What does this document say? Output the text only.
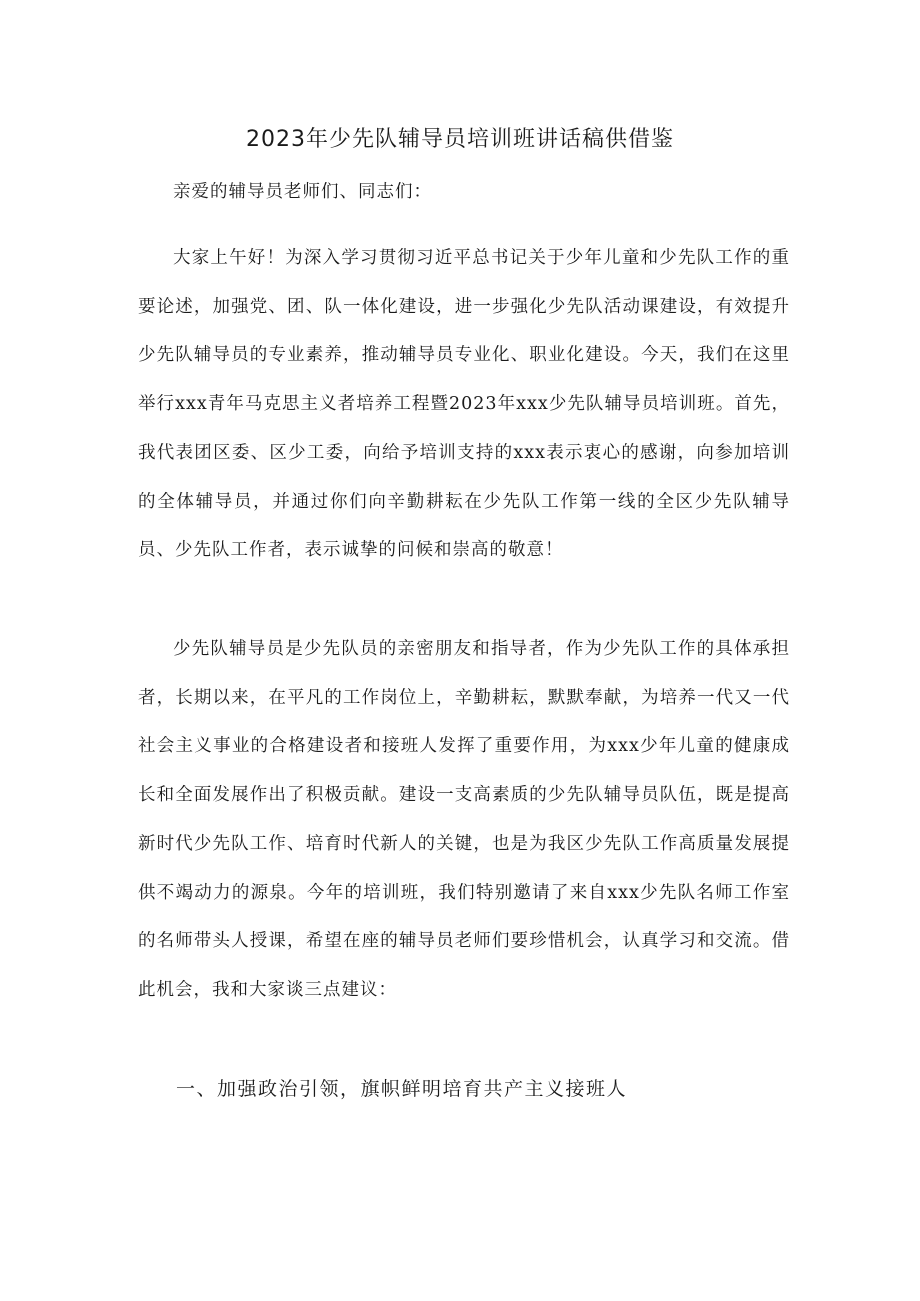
2023年少先队辅导员培训班讲话稿供借鉴

亲爱的辅导员老师们、同志们：

大家上午好！为深入学习贯彻习近平总书记关于少年儿童和少先队工作的重要论述，加强党、团、队一体化建设，进一步强化少先队活动课建设，有效提升少先队辅导员的专业素养，推动辅导员专业化、职业化建设。今天，我们在这里举行xxx青年马克思主义者培养工程暨2023年xxx少先队辅导员培训班。首先，我代表团区委、区少工委，向给予培训支持的xxx表示衷心的感谢，向参加培训的全体辅导员，并通过你们向辛勤耕耘在少先队工作第一线的全区少先队辅导员、少先队工作者，表示诚挚的问候和崇高的敬意！

少先队辅导员是少先队员的亲密朋友和指导者，作为少先队工作的具体承担者，长期以来，在平凡的工作岗位上，辛勤耕耘，默默奉献，为培养一代又一代社会主义事业的合格建设者和接班人发挥了重要作用，为xxx少年儿童的健康成长和全面发展作出了积极贡献。建设一支高素质的少先队辅导员队伍，既是提高新时代少先队工作、培育时代新人的关键，也是为我区少先队工作高质量发展提供不竭动力的源泉。今年的培训班，我们特别邀请了来自xxx少先队名师工作室的名师带头人授课，希望在座的辅导员老师们要珍惜机会，认真学习和交流。借此机会，我和大家谈三点建议：

一、加强政治引领，旗帜鲜明培育共产主义接班人
